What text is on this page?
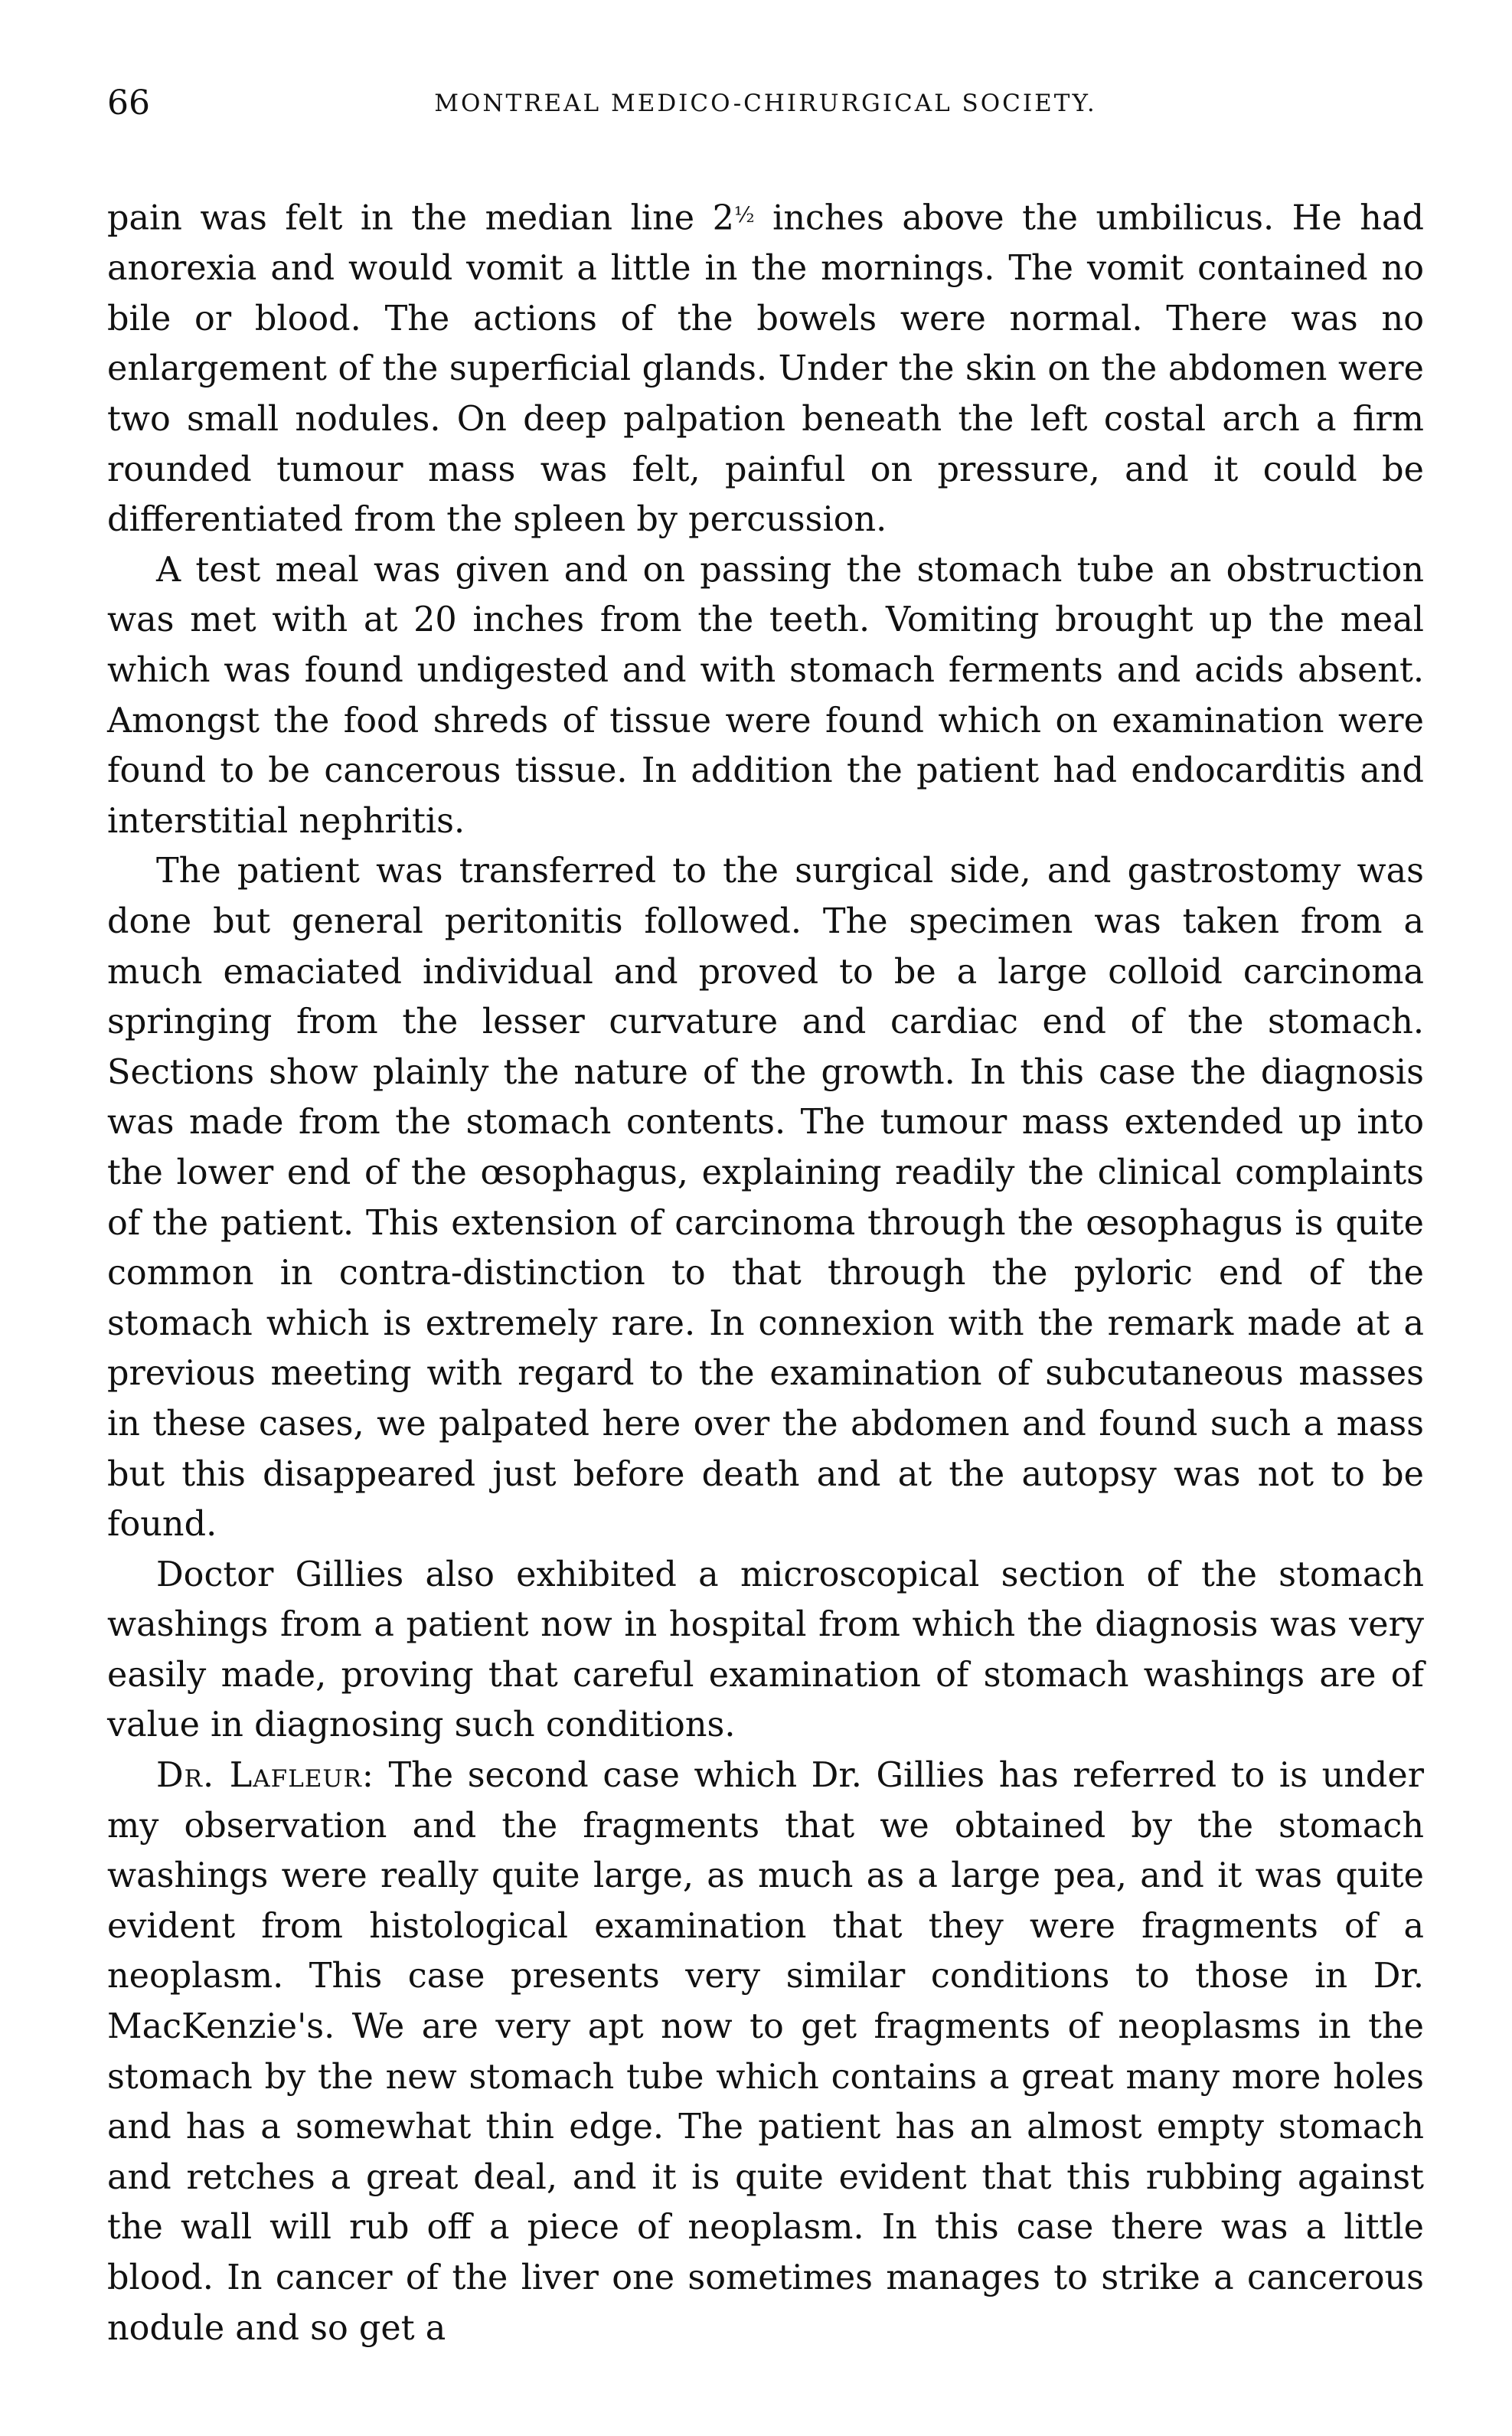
66	MONTREAL MEDICO-CHIRURGICAL SOCIETY.

pain was felt in the median line $2^{\frac{1}{2}}$ inches above the umbilicus. He had anorexia and would vomit a little in the mornings. The vomit contained no bile or blood. The actions of the bowels were normal. There was no enlargement of the superficial glands. Under the skin on the abdomen were two small nodules. On deep palpation beneath the left costal arch a firm rounded tumour mass was felt, painful on pressure, and it could be differentiated from the spleen by percussion.

A test meal was given and on passing the stomach tube an obstruction was met with at 20 inches from the teeth. Vomiting brought up the meal which was found undigested and with stomach ferments and acids absent. Amongst the food shreds of tissue were found which on examination were found to be cancerous tissue. In addition the patient had endocarditis and interstitial nephritis.

The patient was transferred to the surgical side, and gastrostomy was done but general peritonitis followed. The specimen was taken from a much emaciated individual and proved to be a large colloid carcinoma springing from the lesser curvature and cardiac end of the stomach. Sections show plainly the nature of the growth. In this case the diagnosis was made from the stomach contents. The tumour mass extended up into the lower end of the œsophagus, explaining readily the clinical complaints of the patient. This extension of carcinoma through the œsophagus is quite common in contra-distinction to that through the pyloric end of the stomach which is extremely rare. In connexion with the remark made at a previous meeting with regard to the examination of subcutaneous masses in these cases, we palpated here over the abdomen and found such a mass but this disappeared just before death and at the autopsy was not to be found.

Doctor Gillies also exhibited a microscopical section of the stomach washings from a patient now in hospital from which the diagnosis was very easily made, proving that careful examination of stomach washings are of value in diagnosing such conditions.

Dr. Lafleur: The second case which Dr. Gillies has referred to is under my observation and the fragments that we obtained by the stomach washings were really quite large, as much as a large pea, and it was quite evident from histological examination that they were fragments of a neoplasm. This case presents very similar conditions to those in Dr. MacKenzie's. We are very apt now to get fragments of neoplasms in the stomach by the new stomach tube which contains a great many more holes and has a somewhat thin edge. The patient has an almost empty stomach and retches a great deal, and it is quite evident that this rubbing against the wall will rub off a piece of neoplasm. In this case there was a little blood. In cancer of the liver one sometimes manages to strike a cancerous nodule and so get a
